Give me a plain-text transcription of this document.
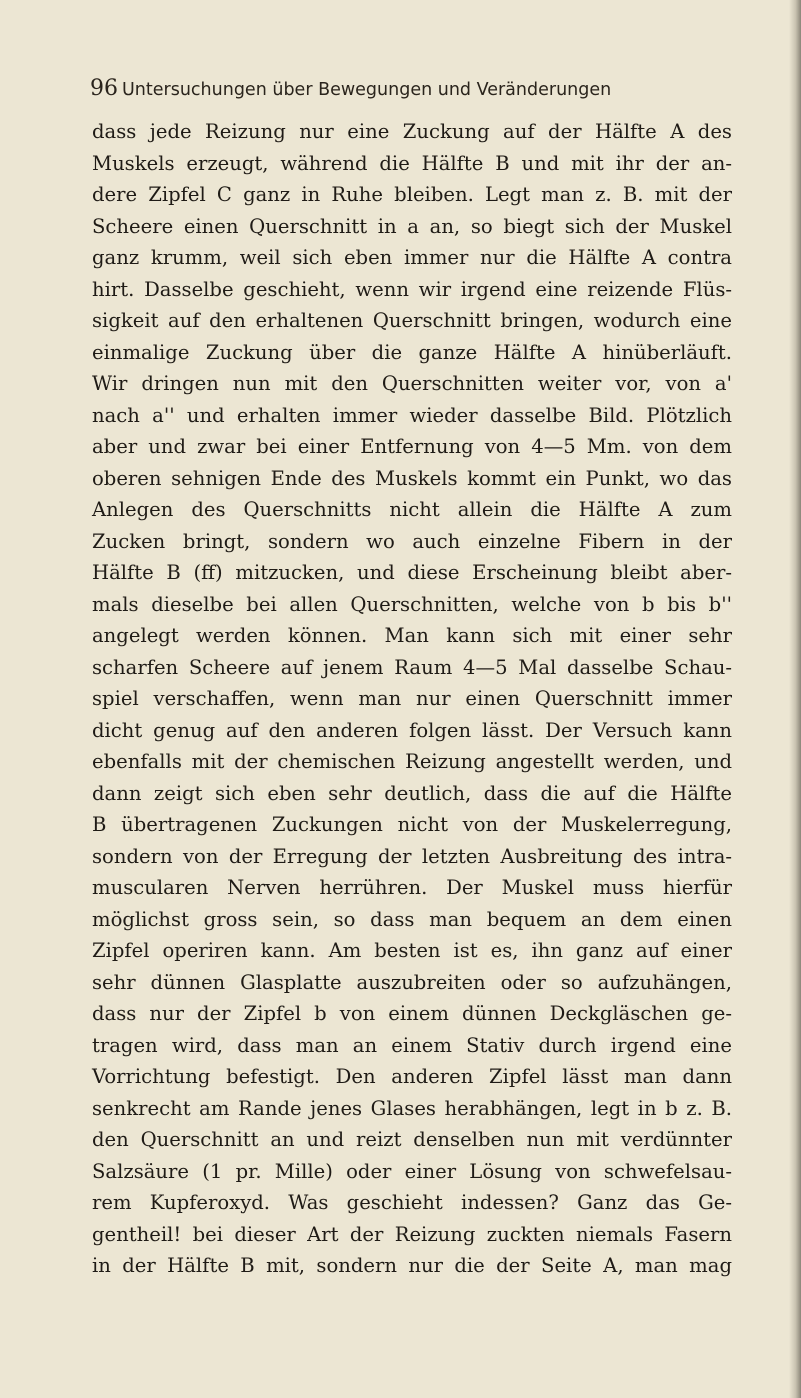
96 Untersuchungen über Bewegungen und Veränderungen

dass jede Reizung nur eine Zuckung auf der Hälfte A des
Muskels erzeugt, während die Hälfte B und mit ihr der an-
dere Zipfel C ganz in Ruhe bleiben. Legt man z. B. mit der
Scheere einen Querschnitt in a an, so biegt sich der Muskel
ganz krumm, weil sich eben immer nur die Hälfte A contra
hirt. Dasselbe geschieht, wenn wir irgend eine reizende Flüs-
sigkeit auf den erhaltenen Querschnitt bringen, wodurch eine
einmalige Zuckung über die ganze Hälfte A hinüberläuft.
Wir dringen nun mit den Querschnitten weiter vor, von a'
nach a'' und erhalten immer wieder dasselbe Bild. Plötzlich
aber und zwar bei einer Entfernung von 4—5 Mm. von dem
oberen sehnigen Ende des Muskels kommt ein Punkt, wo das
Anlegen des Querschnitts nicht allein die Hälfte A zum
Zucken bringt, sondern wo auch einzelne Fibern in der
Hälfte B (ff) mitzucken, und diese Erscheinung bleibt aber-
mals dieselbe bei allen Querschnitten, welche von b bis b''
angelegt werden können. Man kann sich mit einer sehr
scharfen Scheere auf jenem Raum 4—5 Mal dasselbe Schau-
spiel verschaffen, wenn man nur einen Querschnitt immer
dicht genug auf den anderen folgen lässt. Der Versuch kann
ebenfalls mit der chemischen Reizung angestellt werden, und
dann zeigt sich eben sehr deutlich, dass die auf die Hälfte
B übertragenen Zuckungen nicht von der Muskelerregung,
sondern von der Erregung der letzten Ausbreitung des intra-
muscularen Nerven herrühren. Der Muskel muss hierfür
möglichst gross sein, so dass man bequem an dem einen
Zipfel operiren kann. Am besten ist es, ihn ganz auf einer
sehr dünnen Glasplatte auszubreiten oder so aufzuhängen,
dass nur der Zipfel b von einem dünnen Deckgläschen ge-
tragen wird, dass man an einem Stativ durch irgend eine
Vorrichtung befestigt. Den anderen Zipfel lässt man dann
senkrecht am Rande jenes Glases herabhängen, legt in b z. B.
den Querschnitt an und reizt denselben nun mit verdünnter
Salzsäure (1 pr. Mille) oder einer Lösung von schwefelsau-
rem Kupferoxyd. Was geschieht indessen? Ganz das Ge-
gentheil! bei dieser Art der Reizung zuckten niemals Fasern
in der Hälfte B mit, sondern nur die der Seite A, man mag
